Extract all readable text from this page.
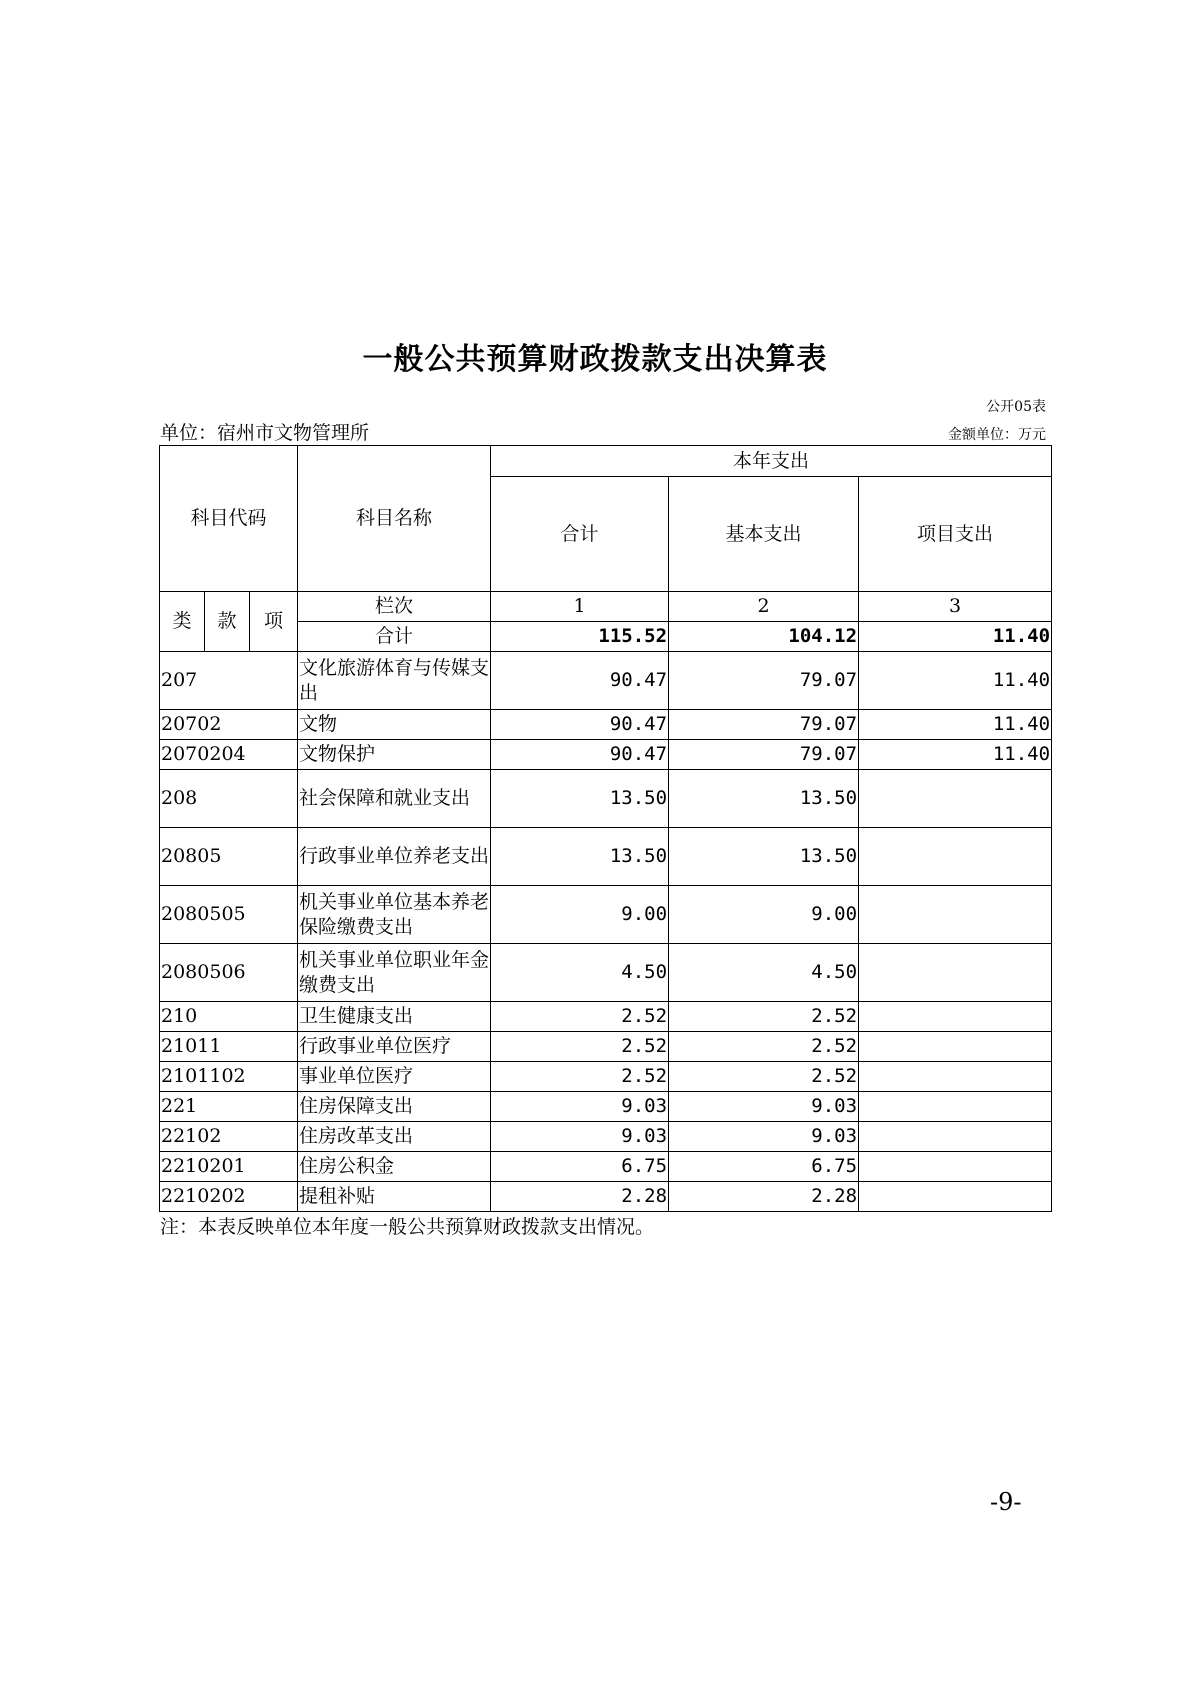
一般公共预算财政拨款支出决算表
公开05表
单位：宿州市文物管理所	金额单位：万元
科目代码			科目名称	本年支出		
				合计	基本支出	项目支出
类	款	项	栏次	1	2	3
			合计	115.52	104.12	11.40
207			文化旅游体育与传媒支出	90.47	79.07	11.40
20702			文物	90.47	79.07	11.40
2070204			文物保护	90.47	79.07	11.40
208			社会保障和就业支出	13.50	13.50	
20805			行政事业单位养老支出	13.50	13.50	
2080505			机关事业单位基本养老保险缴费支出	9.00	9.00	
2080506			机关事业单位职业年金缴费支出	4.50	4.50	
210			卫生健康支出	2.52	2.52	
21011			行政事业单位医疗	2.52	2.52	
2101102			事业单位医疗	2.52	2.52	
221			住房保障支出	9.03	9.03	
22102			住房改革支出	9.03	9.03	
2210201			住房公积金	6.75	6.75	
2210202			提租补贴	2.28	2.28	
注：本表反映单位本年度一般公共预算财政拨款支出情况。
-9-
